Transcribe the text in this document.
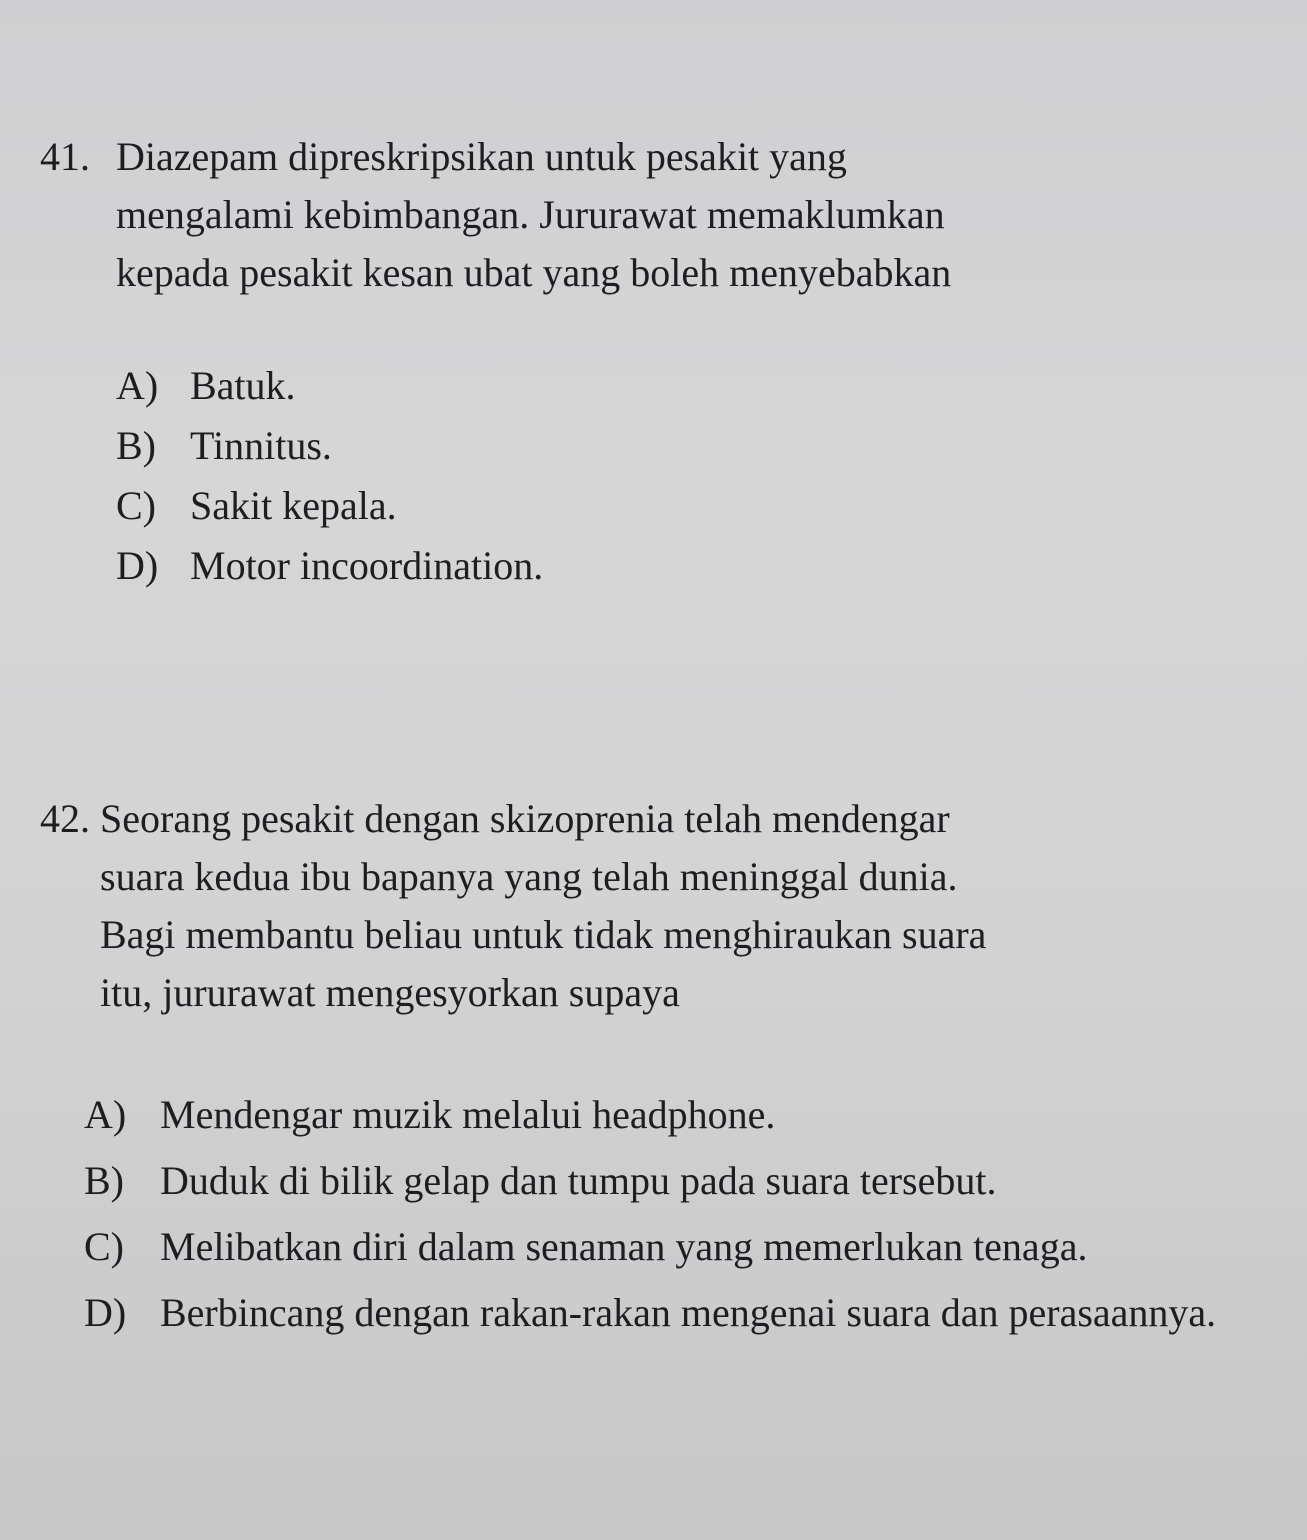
41. Diazepam dipreskripsikan untuk pesakit yang
mengalami kebimbangan. Jururawat memaklumkan
kepada pesakit kesan ubat yang boleh menyebabkan
A) Batuk.
B) Tinnitus.
C) Sakit kepala.
D) Motor incoordination.
42. Seorang pesakit dengan skizoprenia telah mendengar
suara kedua ibu bapanya yang telah meninggal dunia.
Bagi membantu beliau untuk tidak menghiraukan suara
itu, jururawat mengesyorkan supaya
A) Mendengar muzik melalui headphone.
B) Duduk di bilik gelap dan tumpu pada suara tersebut.
C) Melibatkan diri dalam senaman yang memerlukan tenaga.
D) Berbincang dengan rakan-rakan mengenai suara dan perasaannya.
